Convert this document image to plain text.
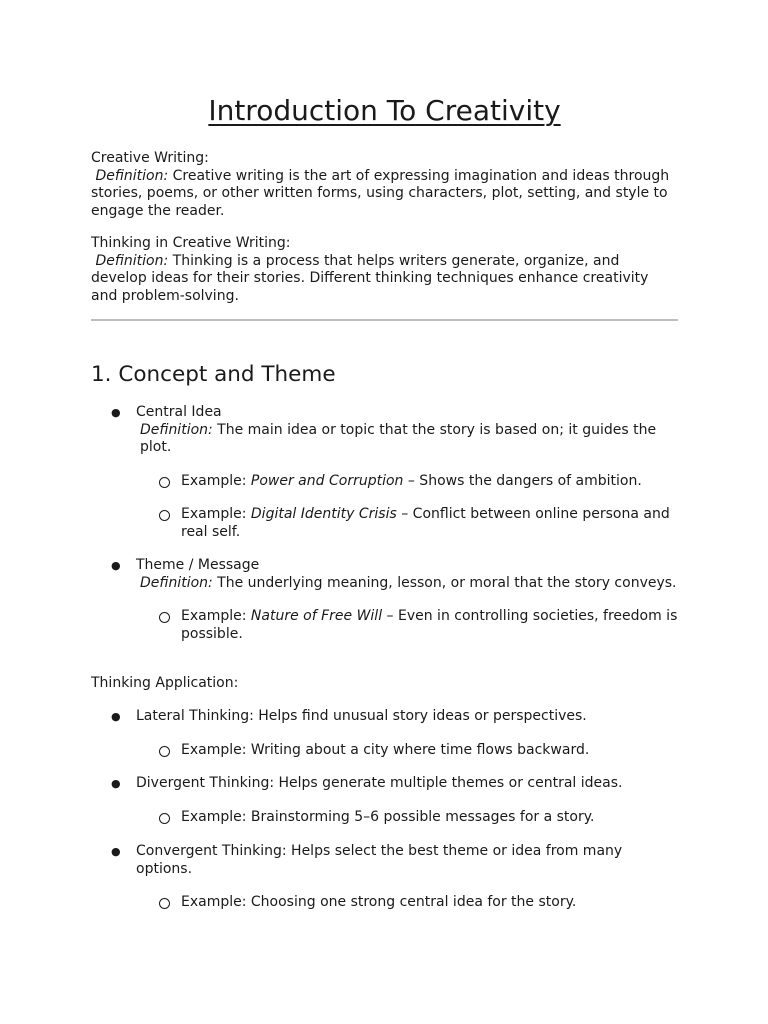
Introduction To Creativity

Creative Writing:

Definition: Creative writing is the art of expressing imagination and ideas through stories, poems, or other written forms, using characters, plot, setting, and style to engage the reader.

Thinking in Creative Writing:

Definition: Thinking is a process that helps writers generate, organize, and develop ideas for their stories. Different thinking techniques enhance creativity and problem-solving.

1. Concept and Theme
● Central Idea
Definition: The main idea or topic that the story is based on; it guides the plot.
Example: Power and Corruption – Shows the dangers of ambition.
Example: Digital Identity Crisis – Conflict between online persona and real self.
● Theme / Message
Definition: The underlying meaning, lesson, or moral that the story conveys.
Example: Nature of Free Will – Even in controlling societies, freedom is possible.
Thinking Application:
● Lateral Thinking: Helps find unusual story ideas or perspectives.
Example: Writing about a city where time flows backward.
● Divergent Thinking: Helps generate multiple themes or central ideas.
Example: Brainstorming 5–6 possible messages for a story.
● Convergent Thinking: Helps select the best theme or idea from many options.
Example: Choosing one strong central idea for the story.
